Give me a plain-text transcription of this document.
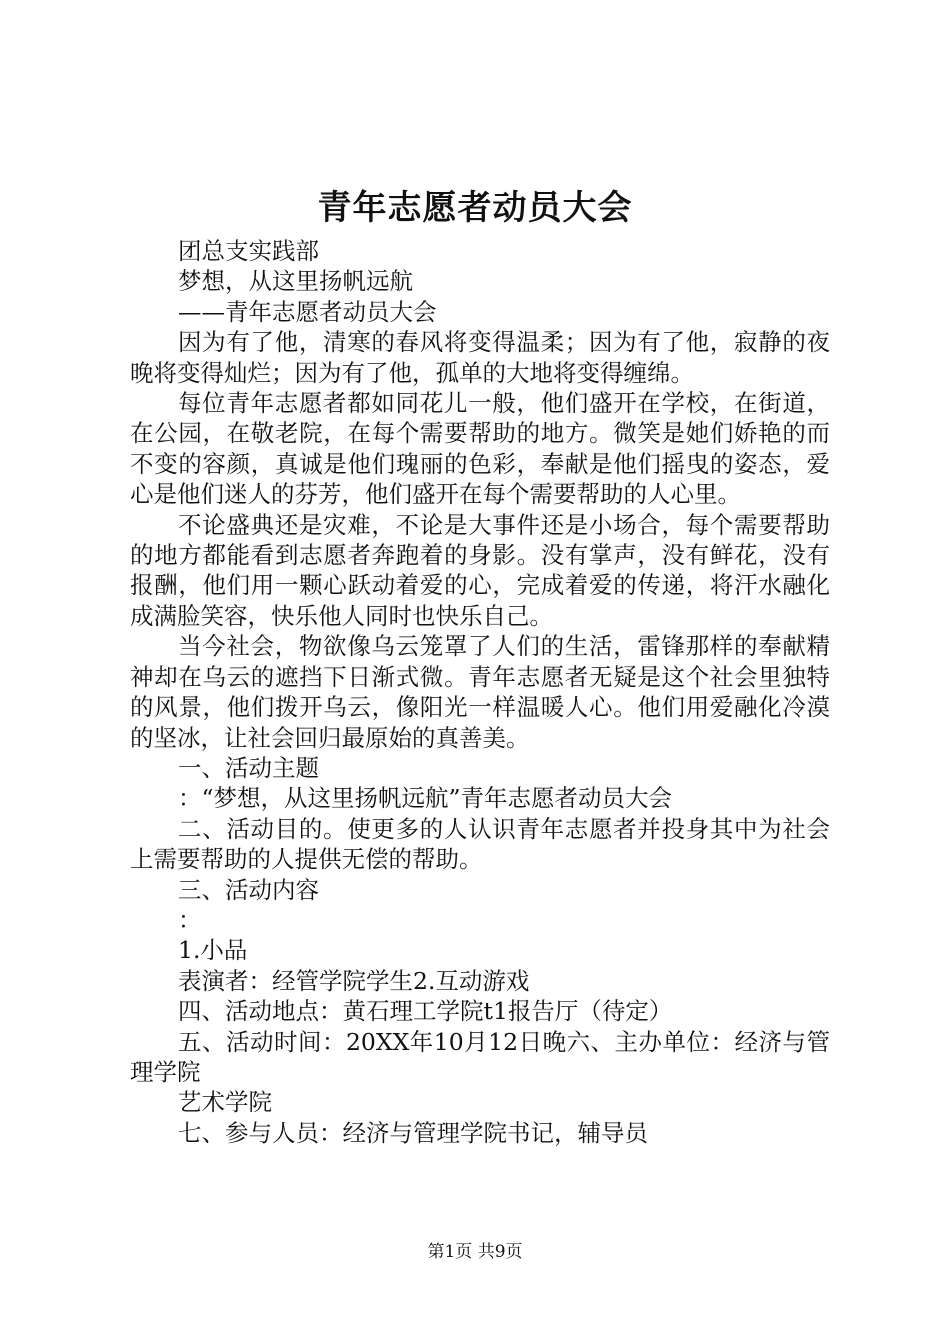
青年志愿者动员大会

团总支实践部

梦想，从这里扬帆远航

——青年志愿者动员大会

因为有了他，清寒的春风将变得温柔；因为有了他，寂静的夜晚将变得灿烂；因为有了他，孤单的大地将变得缠绵。

每位青年志愿者都如同花儿一般，他们盛开在学校，在街道，在公园，在敬老院，在每个需要帮助的地方。微笑是她们娇艳的而不变的容颜，真诚是他们瑰丽的色彩，奉献是他们摇曳的姿态，爱心是他们迷人的芬芳，他们盛开在每个需要帮助的人心里。

不论盛典还是灾难，不论是大事件还是小场合，每个需要帮助的地方都能看到志愿者奔跑着的身影。没有掌声，没有鲜花，没有报酬，他们用一颗心跃动着爱的心，完成着爱的传递，将汗水融化成满脸笑容，快乐他人同时也快乐自己。

当今社会，物欲像乌云笼罩了人们的生活，雷锋那样的奉献精神却在乌云的遮挡下日渐式微。青年志愿者无疑是这个社会里独特的风景，他们拨开乌云，像阳光一样温暖人心。他们用爱融化冷漠的坚冰，让社会回归最原始的真善美。

一、活动主题

：“梦想，从这里扬帆远航”青年志愿者动员大会

二、活动目的。使更多的人认识青年志愿者并投身其中为社会上需要帮助的人提供无偿的帮助。

三、活动内容

：

1.小品

表演者：经管学院学生2.互动游戏

四、活动地点：黄石理工学院t1报告厅（待定）

五、活动时间：20XX年10月12日晚六、主办单位：经济与管理学院

艺术学院

七、参与人员：经济与管理学院书记，辅导员

第1页 共9页
